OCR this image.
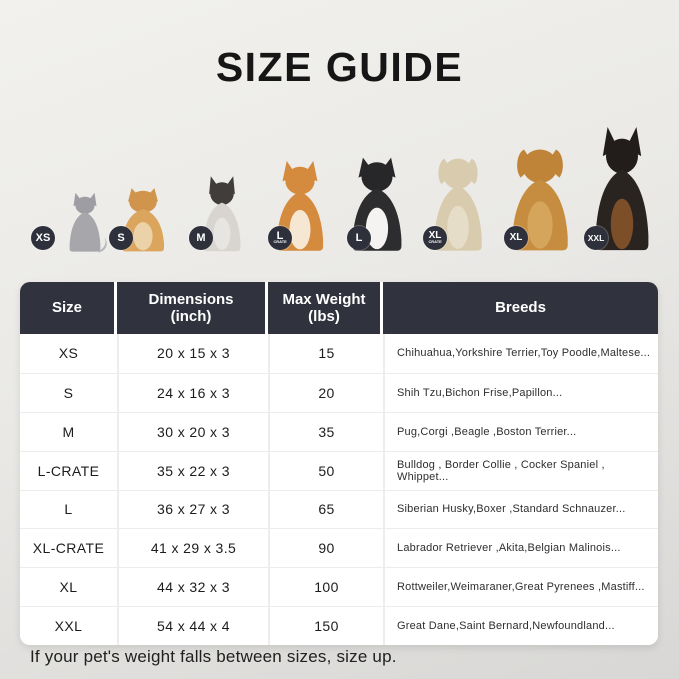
SIZE GUIDE
XS	S	M	L
CRATE	L	XL
CRATE	XL	XXL
Size
Dimensions
(inch)
Max Weight
(lbs)
Breeds
XS	20 x 15 x 3	15	Chihuahua,Yorkshire Terrier,Toy Poodle,Maltese...
S	24 x 16 x 3	20	Shih Tzu,Bichon Frise,Papillon...
M	30 x 20 x 3	35	Pug,Corgi ,Beagle ,Boston Terrier...
L-CRATE	35 x 22 x 3	50	Bulldog , Border Collie , Cocker Spaniel , Whippet...
L	36 x 27 x 3	65	Siberian Husky,Boxer ,Standard Schnauzer...
XL-CRATE	41 x 29 x 3.5	90	Labrador Retriever ,Akita,Belgian Malinois...
XL	44 x 32 x 3	100	Rottweiler,Weimaraner,Great Pyrenees ,Mastiff...
XXL	54 x 44 x 4	150	Great Dane,Saint Bernard,Newfoundland...

If your pet's weight falls between sizes, size up.
